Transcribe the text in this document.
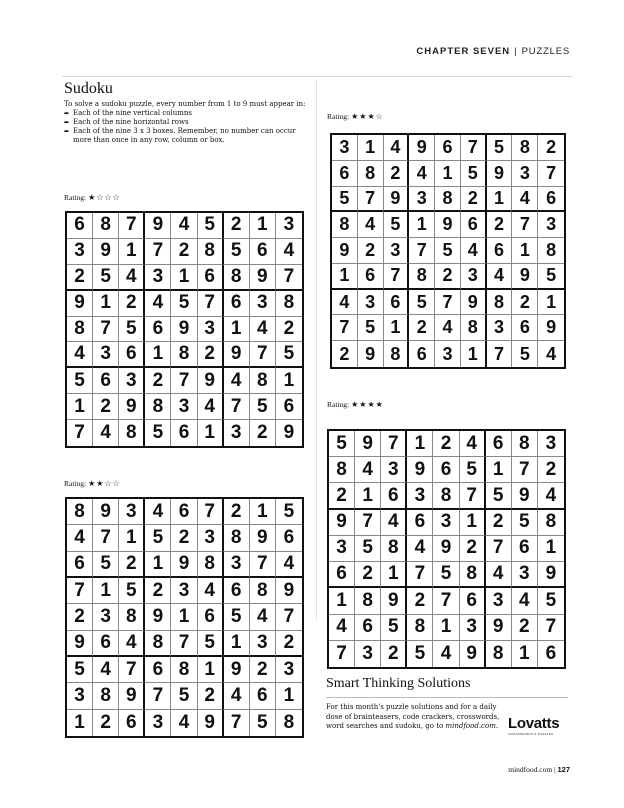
CHAPTER SEVEN | PUZZLES
Sudoku

To solve a sudoku puzzle, every number from 1 to 9 must appear in:

➡ Each of the nine vertical columns
➡ Each of the nine horizontal rows
➡ Each of the nine 3 x 3 boxes. Remember, no number can occur more than once in any row, column or box.
Rating: ★☆☆☆
6 8 7 9 4 5 2 1 3
3 9 1 7 2 8 5 6 4
2 5 4 3 1 6 8 9 7
9 1 2 4 5 7 6 3 8
8 7 5 6 9 3 1 4 2
4 3 6 1 8 2 9 7 5
5 6 3 2 7 9 4 8 1
1 2 9 8 3 4 7 5 6
7 4 8 5 6 1 3 2 9
Rating: ★★☆☆
8 9 3 4 6 7 2 1 5
4 7 1 5 2 3 8 9 6
6 5 2 1 9 8 3 7 4
7 1 5 2 3 4 6 8 9
2 3 8 9 1 6 5 4 7
9 6 4 8 7 5 1 3 2
5 4 7 6 8 1 9 2 3
3 8 9 7 5 2 4 6 1
1 2 6 3 4 9 7 5 8
Rating: ★★★☆
3 1 4 9 6 7 5 8 2
6 8 2 4 1 5 9 3 7
5 7 9 3 8 2 1 4 6
8 4 5 1 9 6 2 7 3
9 2 3 7 5 4 6 1 8
1 6 7 8 2 3 4 9 5
4 3 6 5 7 9 8 2 1
7 5 1 2 4 8 3 6 9
2 9 8 6 3 1 7 5 4
Rating: ★★★★
5 9 7 1 2 4 6 8 3
8 4 3 9 6 5 1 7 2
2 1 6 3 8 7 5 9 4
9 7 4 6 3 1 2 5 8
3 5 8 4 9 2 7 6 1
6 2 1 7 5 8 4 3 9
1 8 9 2 7 6 3 4 5
4 6 5 8 1 3 9 2 7
7 3 2 5 4 9 8 1 6
Smart Thinking Solutions

For this month's puzzle solutions and for a daily dose of brainteasers, code crackers, crosswords, word searches and sudoku, go to mindfood.com. Lovatts
CROSSWORDS & PUZZLES
mindfood.com | 127
